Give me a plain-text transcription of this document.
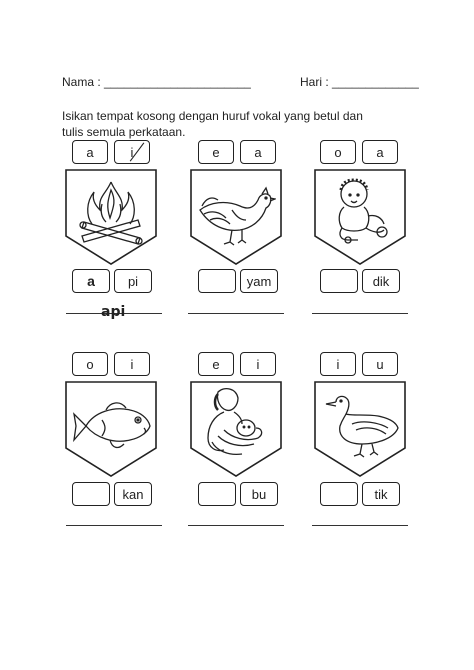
Nama : ______________________	Hari : _____________
Isikan tempat kosong dengan huruf vokal yang betul dan
tulis semula perkataan.
a	i
a	pi
api
e	a
yam
o	a
dik
o	i
kan
e	i
bu
i	u
tik
